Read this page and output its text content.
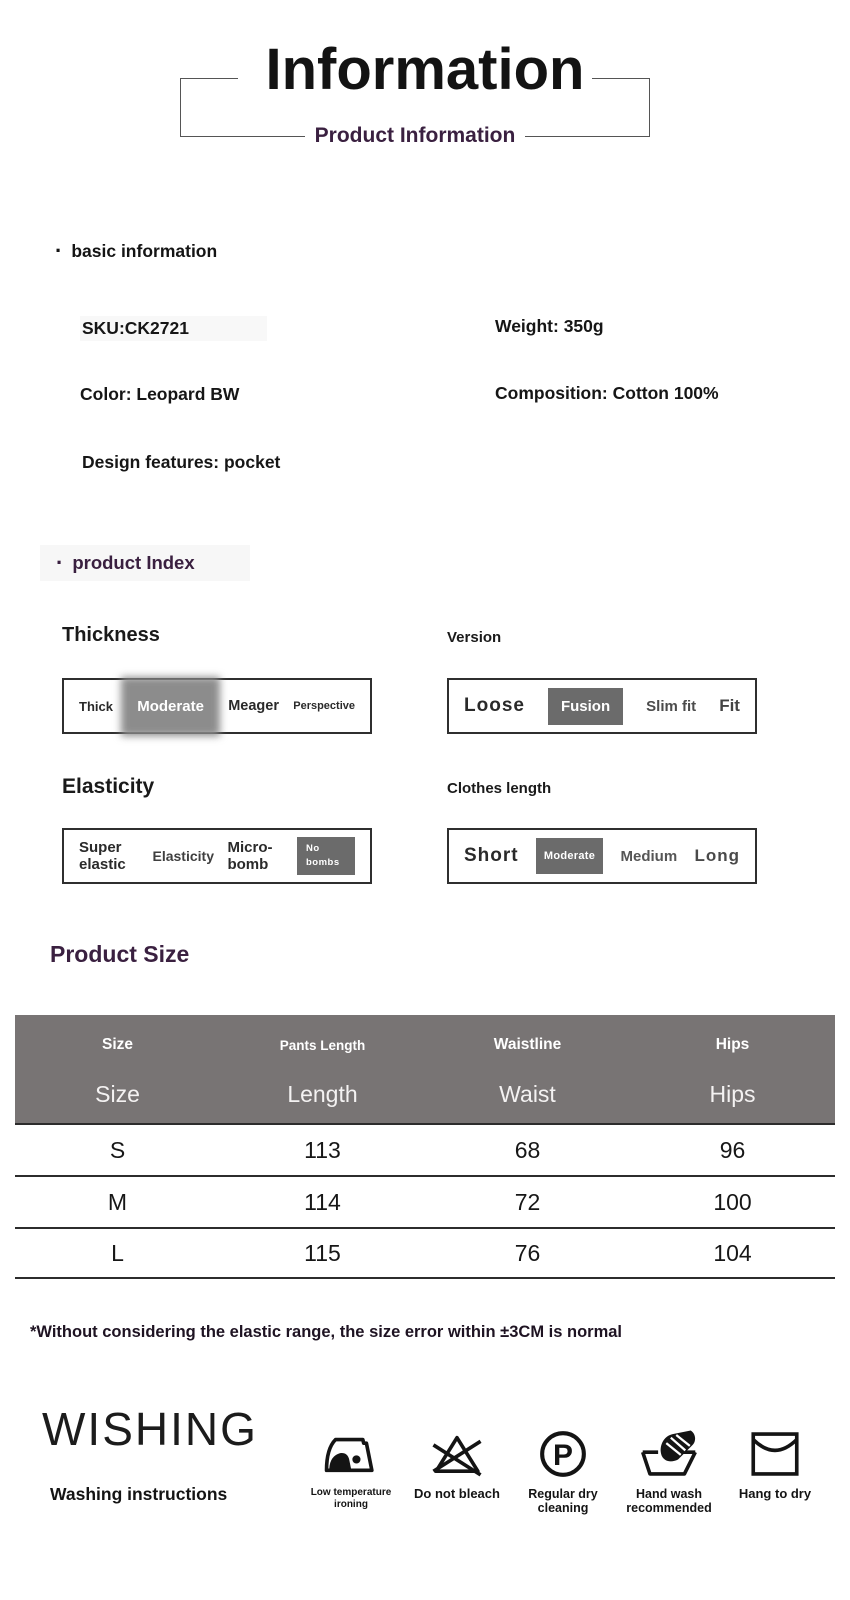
Information
Product Information
· basic information
SKU:CK2721	Weight: 350g
Color: Leopard BW	Composition: Cotton 100%
Design features: pocket
· product Index
Thickness
Thick	Moderate	Meager Perspective
Version
Loose	Fusion	Slim fit Fit
Elasticity
Super elastic	Elasticity
Micro-bomb
No bombs
Clothes length
Short	Moderate	Medium Long
Product Size
Size	Pants Length	Waistline	Hips
Size	Length	Waist	Hips
S	113	68	96
M	114	72	100
L	115	76	104
*Without considering the elastic range, the size error within ±3CM is normal
WISHING
Washing instructions	Low temperature ironing
Do not bleach
P
Regular dry cleaning
Hand wash recommended
Hang to dry
